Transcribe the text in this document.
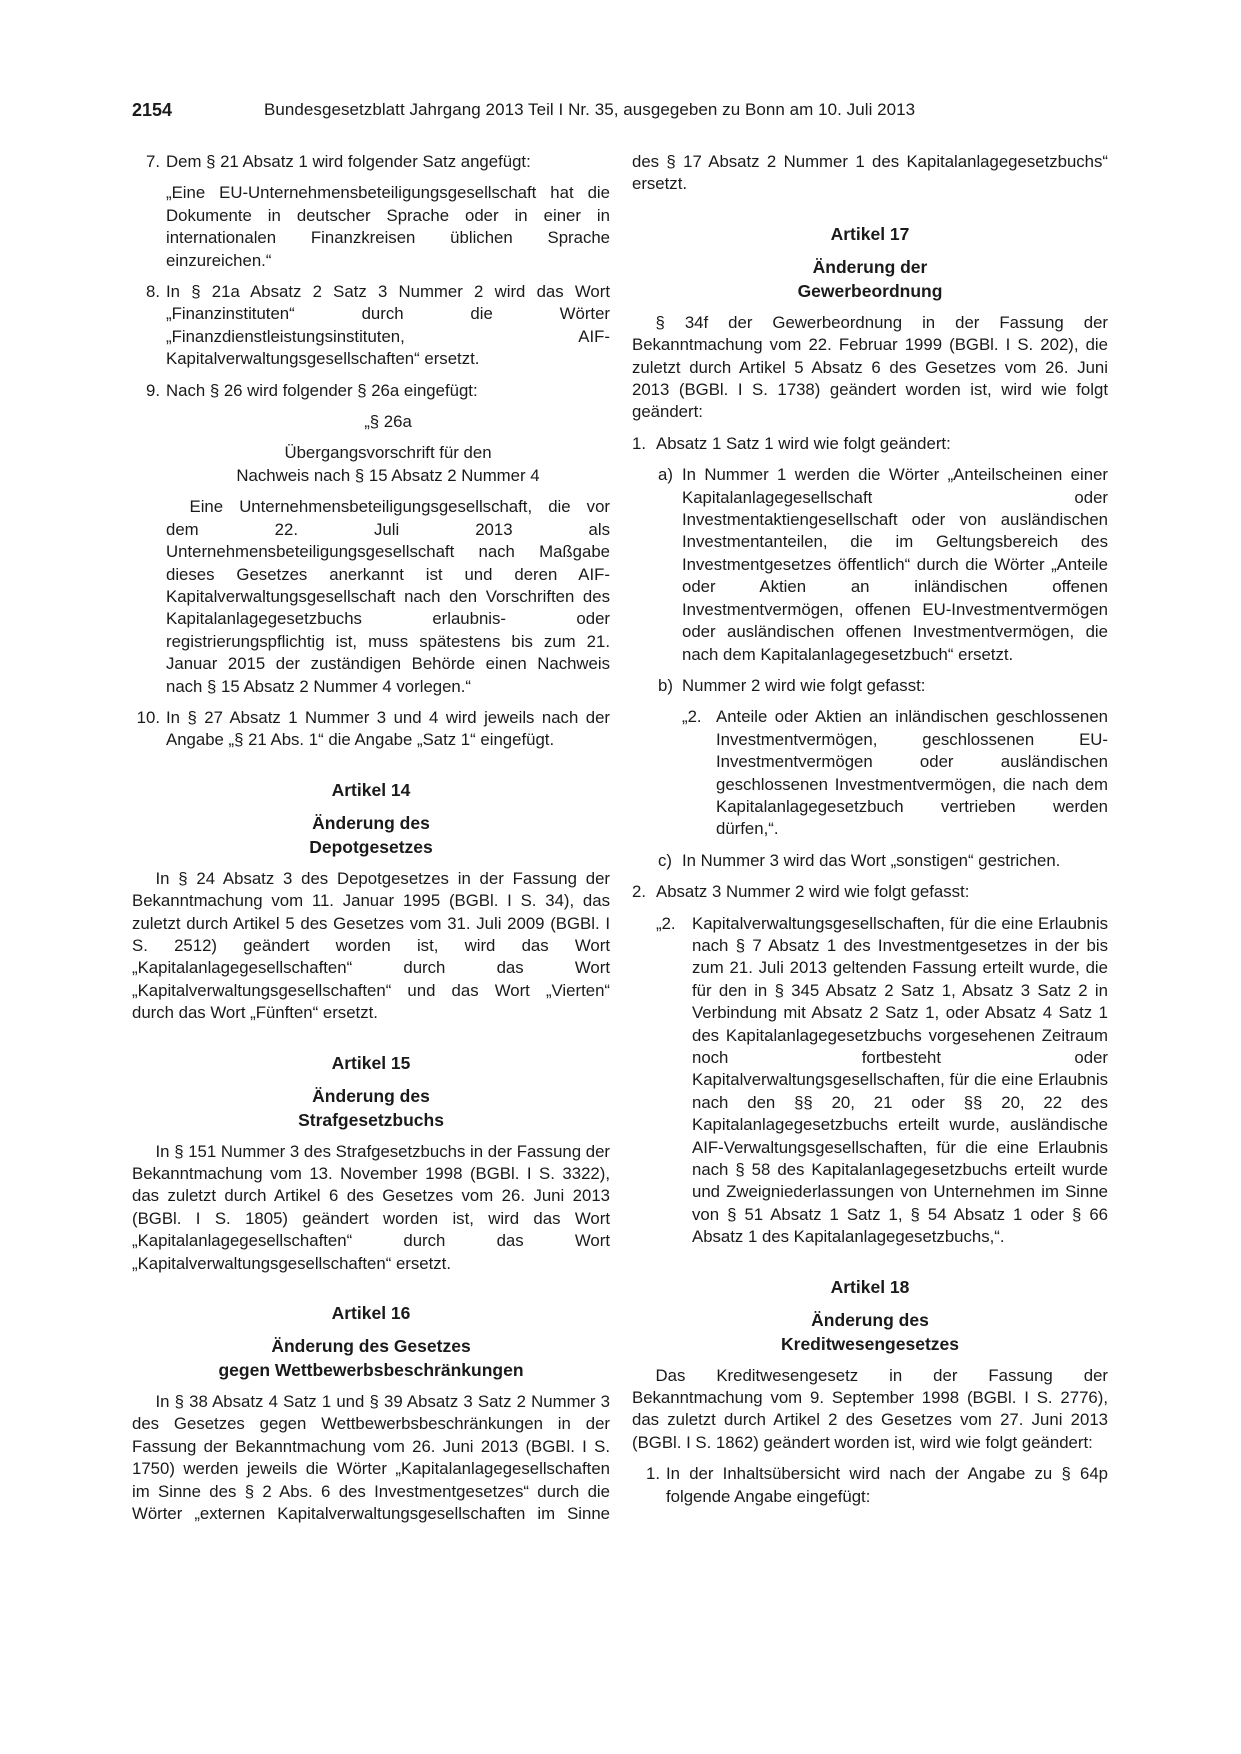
2154	Bundesgesetzblatt Jahrgang 2013 Teil I Nr. 35, ausgegeben zu Bonn am 10. Juli 2013
7. Dem § 21 Absatz 1 wird folgender Satz angefügt:

„Eine EU-Unternehmensbeteiligungsgesellschaft hat die Dokumente in deutscher Sprache oder in einer in internationalen Finanzkreisen üblichen Sprache einzureichen.“

8. In § 21a Absatz 2 Satz 3 Nummer 2 wird das Wort „Finanzinstituten“ durch die Wörter „Finanzdienstleistungsinstituten, AIF-Kapitalverwaltungsgesellschaften“ ersetzt.

9. Nach § 26 wird folgender § 26a eingefügt:

„§ 26a

Übergangsvorschrift für den

Nachweis nach § 15 Absatz 2 Nummer 4

Eine Unternehmensbeteiligungsgesellschaft, die vor dem 22. Juli 2013 als Unternehmensbeteiligungsgesellschaft nach Maßgabe dieses Gesetzes anerkannt ist und deren AIF-Kapitalverwaltungsgesellschaft nach den Vorschriften des Kapitalanlagegesetzbuchs erlaubnis- oder registrierungspflichtig ist, muss spätestens bis zum 21. Januar 2015 der zuständigen Behörde einen Nachweis nach § 15 Absatz 2 Nummer 4 vorlegen.“

10. In § 27 Absatz 1 Nummer 3 und 4 wird jeweils nach der Angabe „§ 21 Abs. 1“ die Angabe „Satz 1“ eingefügt.

Artikel 14

Änderung des

Depotgesetzes

In § 24 Absatz 3 des Depotgesetzes in der Fassung der Bekanntmachung vom 11. Januar 1995 (BGBl. I S. 34), das zuletzt durch Artikel 5 des Gesetzes vom 31. Juli 2009 (BGBl. I S. 2512) geändert worden ist, wird das Wort „Kapitalanlagegesellschaften“ durch das Wort „Kapitalverwaltungsgesellschaften“ und das Wort „Vierten“ durch das Wort „Fünften“ ersetzt.

Artikel 15

Änderung des

Strafgesetzbuchs

In § 151 Nummer 3 des Strafgesetzbuchs in der Fassung der Bekanntmachung vom 13. November 1998 (BGBl. I S. 3322), das zuletzt durch Artikel 6 des Gesetzes vom 26. Juni 2013 (BGBl. I S. 1805) geändert worden ist, wird das Wort „Kapitalanlagegesellschaften“ durch das Wort „Kapitalverwaltungsgesellschaften“ ersetzt.

Artikel 16

Änderung des Gesetzes

gegen Wettbewerbsbeschränkungen

In § 38 Absatz 4 Satz 1 und § 39 Absatz 3 Satz 2 Nummer 3 des Gesetzes gegen Wettbewerbsbeschränkungen in der Fassung der Bekanntmachung vom 26. Juni 2013 (BGBl. I S. 1750) werden jeweils die Wörter „Kapitalanlagegesellschaften im Sinne des § 2 Abs. 6 des Investmentgesetzes“ durch die Wörter „externen Kapitalverwaltungsgesellschaften im Sinne

des § 17 Absatz 2 Nummer 1 des Kapitalanlagegesetzbuchs“ ersetzt.

Artikel 17

Änderung der

Gewerbeordnung

§ 34f der Gewerbeordnung in der Fassung der Bekanntmachung vom 22. Februar 1999 (BGBl. I S. 202), die zuletzt durch Artikel 5 Absatz 6 des Gesetzes vom 26. Juni 2013 (BGBl. I S. 1738) geändert worden ist, wird wie folgt geändert:

1. Absatz 1 Satz 1 wird wie folgt geändert:

a) In Nummer 1 werden die Wörter „Anteilscheinen einer Kapitalanlagegesellschaft oder Investmentaktiengesellschaft oder von ausländischen Investmentanteilen, die im Geltungsbereich des Investmentgesetzes öffentlich“ durch die Wörter „Anteile oder Aktien an inländischen offenen Investmentvermögen, offenen EU-Investmentvermögen oder ausländischen offenen Investmentvermögen, die nach dem Kapitalanlagegesetzbuch“ ersetzt.

b) Nummer 2 wird wie folgt gefasst:

„2. Anteile oder Aktien an inländischen geschlossenen Investmentvermögen, geschlossenen EU-Investmentvermögen oder ausländischen geschlossenen Investmentvermögen, die nach dem Kapitalanlagegesetzbuch vertrieben werden dürfen,“.

c) In Nummer 3 wird das Wort „sonstigen“ gestrichen.

2. Absatz 3 Nummer 2 wird wie folgt gefasst:

„2. Kapitalverwaltungsgesellschaften, für die eine Erlaubnis nach § 7 Absatz 1 des Investmentgesetzes in der bis zum 21. Juli 2013 geltenden Fassung erteilt wurde, die für den in § 345 Absatz 2 Satz 1, Absatz 3 Satz 2 in Verbindung mit Absatz 2 Satz 1, oder Absatz 4 Satz 1 des Kapitalanlagegesetzbuchs vorgesehenen Zeitraum noch fortbesteht oder Kapitalverwaltungsgesellschaften, für die eine Erlaubnis nach den §§ 20, 21 oder §§ 20, 22 des Kapitalanlagegesetzbuchs erteilt wurde, ausländische AIF-Verwaltungsgesellschaften, für die eine Erlaubnis nach § 58 des Kapitalanlagegesetzbuchs erteilt wurde und Zweigniederlassungen von Unternehmen im Sinne von § 51 Absatz 1 Satz 1, § 54 Absatz 1 oder § 66 Absatz 1 des Kapitalanlagegesetzbuchs,“.

Artikel 18

Änderung des

Kreditwesengesetzes

Das Kreditwesengesetz in der Fassung der Bekanntmachung vom 9. September 1998 (BGBl. I S. 2776), das zuletzt durch Artikel 2 des Gesetzes vom 27. Juni 2013 (BGBl. I S. 1862) geändert worden ist, wird wie folgt geändert:

1. In der Inhaltsübersicht wird nach der Angabe zu § 64p folgende Angabe eingefügt:
